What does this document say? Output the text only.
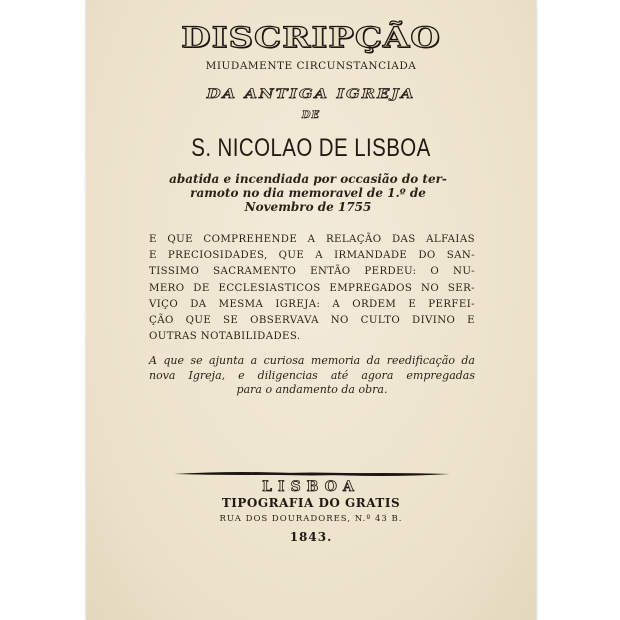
DISCRIPÇÃO
MIUDAMENTE CIRCUNSTANCIADA
DA ANTIGA IGREJA
DE
S. NICOLAO DE LISBOA
abatida e incendiada por occasião do ter-
ramoto no dia memoravel de 1.º de
Novembro de 1755
E QUE COMPREHENDE A RELAÇÃO DAS ALFAIAS
E PRECIOSIDADES, QUE A IRMANDADE DO SAN-
TISSIMO SACRAMENTO ENTÃO PERDEU: O NU-
MERO DE ECCLESIASTICOS EMPREGADOS NO SER-
VIÇO DA MESMA IGREJA: A ORDEM E PERFEI-
ÇÃO QUE SE OBSERVAVA NO CULTO DIVINO E
OUTRAS NOTABILIDADES.
A que se ajunta a curiosa memoria da reedificação da
nova Igreja, e diligencias até agora empregadas
para o andamento da obra.
LISBOA
TIPOGRAFIA DO GRATIS
RUA DOS DOURADORES, N.º 43 B.
1843.
